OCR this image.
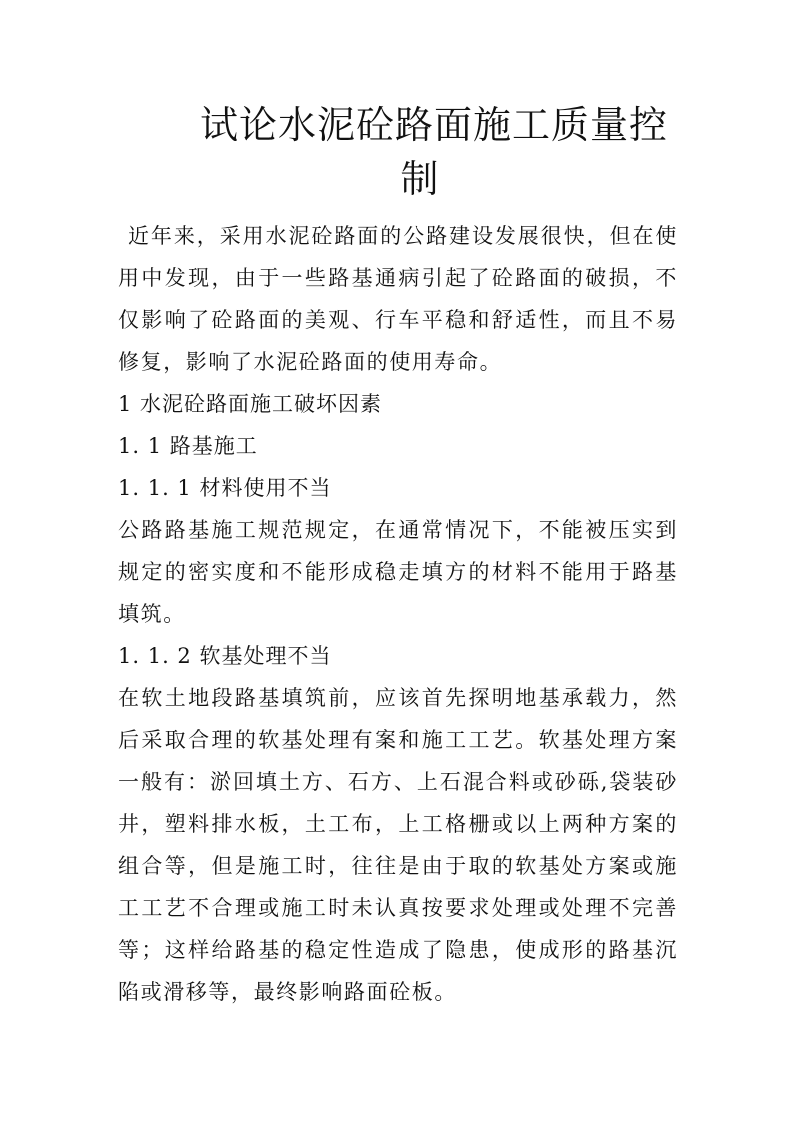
试论水泥砼路面施工质量控
制

近年来，采用水泥砼路面的公路建设发展很快，但在使用中发现，由于一些路基通病引起了砼路面的破损，不仅影响了砼路面的美观、行车平稳和舒适性，而且不易修复，影响了水泥砼路面的使用寿命。

1 水泥砼路面施工破坏因素

1. 1 路基施工

1. 1. 1 材料使用不当

公路路基施工规范规定，在通常情况下，不能被压实到规定的密实度和不能形成稳走填方的材料不能用于路基填筑。

1. 1. 2 软基处理不当

在软土地段路基填筑前，应该首先探明地基承载力，然后采取合理的软基处理有案和施工工艺。软基处理方案一般有：淤回填土方、石方、上石混合料或砂砾,袋装砂井，塑料排水板，土工布，上工格栅或以上两种方案的组合等，但是施工时，往往是由于取的软基处方案或施工工艺不合理或施工时未认真按要求处理或处理不完善等；这样给路基的稳定性造成了隐患，使成形的路基沉陷或滑移等，最终影响路面砼板。
